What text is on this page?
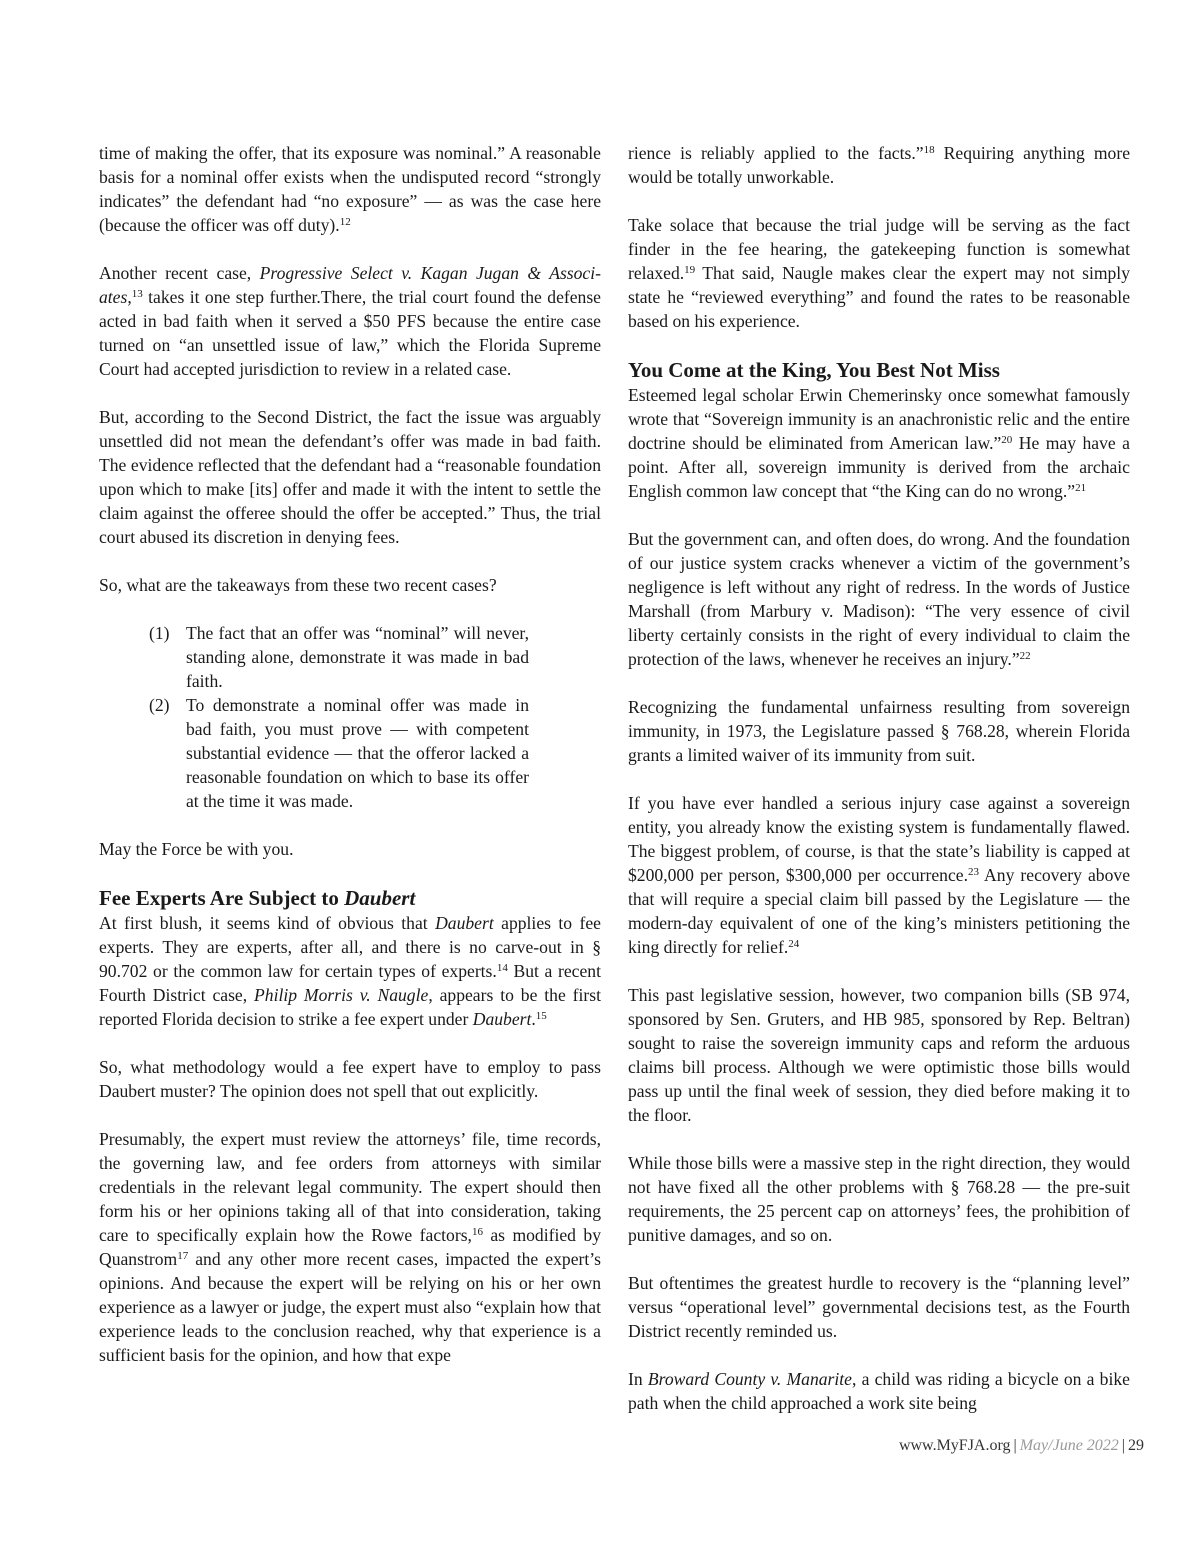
time of making the offer, that its exposure was nominal.” A reasonable basis for a nominal offer exists when the undisputed record “strongly indicates” the defendant had “no exposure” — as was the case here (because the officer was off duty).$^{12}$

Another recent case, Progressive Select v. Kagan Jugan & Associates,$^{13}$ takes it one step further.There, the trial court found the defense acted in bad faith when it served a $50 PFS because the entire case turned on “an unsettled issue of law,” which the Florida Supreme Court had accepted jurisdiction to review in a related case.

But, according to the Second District, the fact the issue was arguably unsettled did not mean the defendant’s offer was made in bad faith. The evidence reflected that the defendant had a “reasonable foundation upon which to make [its] offer and made it with the intent to settle the claim against the offeree should the offer be accepted.” Thus, the trial court abused its discretion in denying fees.

So, what are the takeaways from these two recent cases?

(1) The fact that an offer was “nominal” will never, standing alone, demonstrate it was made in bad faith.
(2) To demonstrate a nominal offer was made in bad faith, you must prove — with competent substantial evidence — that the offeror lacked a reasonable foundation on which to base its offer at the time it was made.

May the Force be with you.

Fee Experts Are Subject to Daubert

At first blush, it seems kind of obvious that Daubert applies to fee experts. They are experts, after all, and there is no carve-out in § 90.702 or the common law for certain types of experts.$^{14}$ But a recent Fourth District case, Philip Morris v. Naugle, appears to be the first reported Florida decision to strike a fee expert under Daubert.$^{15}$

So, what methodology would a fee expert have to employ to pass Daubert muster? The opinion does not spell that out explicitly.

Presumably, the expert must review the attorneys’ file, time records, the governing law, and fee orders from attorneys with similar credentials in the relevant legal community. The expert should then form his or her opinions taking all of that into consideration, taking care to specifically explain how the Rowe factors,$^{16}$ as modified by Quanstrom$^{17}$ and any other more recent cases, impacted the expert’s opinions. And because the expert will be relying on his or her own experience as a lawyer or judge, the expert must also “explain how that experience leads to the conclusion reached, why that experience is a sufficient basis for the opinion, and how that expe

rience is reliably applied to the facts.”$^{18}$ Requiring anything more would be totally unworkable.

Take solace that because the trial judge will be serving as the fact finder in the fee hearing, the gatekeeping function is somewhat relaxed.$^{19}$ That said, Naugle makes clear the expert may not simply state he “reviewed everything” and found the rates to be reasonable based on his experience.

You Come at the King, You Best Not Miss

Esteemed legal scholar Erwin Chemerinsky once somewhat famously wrote that “Sovereign immunity is an anachronistic relic and the entire doctrine should be eliminated from American law.”$^{20}$ He may have a point. After all, sovereign immunity is derived from the archaic English common law concept that “the King can do no wrong.”$^{21}$

But the government can, and often does, do wrong. And the foundation of our justice system cracks whenever a victim of the government’s negligence is left without any right of redress. In the words of Justice Marshall (from Marbury v. Madison): “The very essence of civil liberty certainly consists in the right of every individual to claim the protection of the laws, whenever he receives an injury.”$^{22}$

Recognizing the fundamental unfairness resulting from sovereign immunity, in 1973, the Legislature passed § 768.28, wherein Florida grants a limited waiver of its immunity from suit.

If you have ever handled a serious injury case against a sovereign entity, you already know the existing system is fundamentally flawed. The biggest problem, of course, is that the state’s liability is capped at $200,000 per person, $300,000 per occurrence.$^{23}$ Any recovery above that will require a special claim bill passed by the Legislature — the modern-day equivalent of one of the king’s ministers petitioning the king directly for relief.$^{24}$

This past legislative session, however, two companion bills (SB 974, sponsored by Sen. Gruters, and HB 985, sponsored by Rep. Beltran) sought to raise the sovereign immunity caps and reform the arduous claims bill process. Although we were optimistic those bills would pass up until the final week of session, they died before making it to the floor.

While those bills were a massive step in the right direction, they would not have fixed all the other problems with § 768.28 — the pre-suit requirements, the 25 percent cap on attorneys’ fees, the prohibition of punitive damages, and so on.

But oftentimes the greatest hurdle to recovery is the “planning level” versus “operational level” governmental decisions test, as the Fourth District recently reminded us.

In Broward County v. Manarite, a child was riding a bicycle on a bike path when the child approached a work site being

www.MyFJA.org | May/June 2022 | 29
